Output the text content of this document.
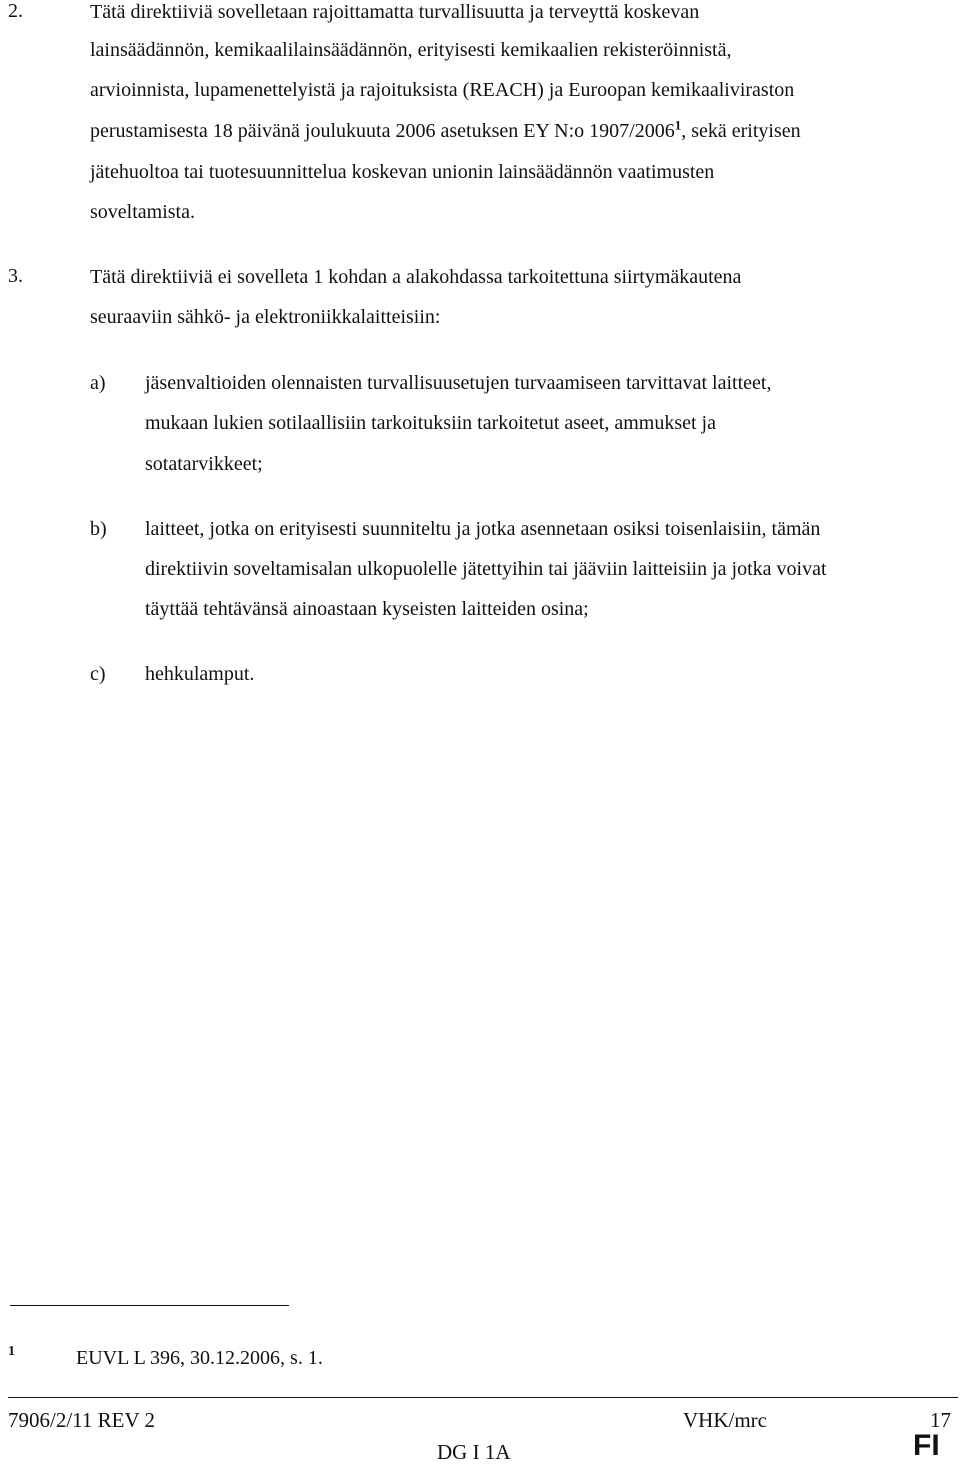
2.	Tätä direktiiviä sovelletaan rajoittamatta turvallisuutta ja terveyttä koskevan
lainsäädännön, kemikaalilainsäädännön, erityisesti kemikaalien rekisteröinnistä,
arvioinnista, lupamenettelyistä ja rajoituksista (REACH) ja Euroopan kemikaaliviraston
perustamisesta 18 päivänä joulukuuta 2006 asetuksen EY N:o 1907/2006$^1$, sekä erityisen
jätehuoltoa tai tuotesuunnittelua koskevan unionin lainsäädännön vaatimusten
soveltamista.
3.	Tätä direktiiviä ei sovelleta 1 kohdan a alakohdassa tarkoitettuna siirtymäkautena
seuraaviin sähkö- ja elektroniikkalaitteisiin:
a) jäsenvaltioiden olennaisten turvallisuusetujen turvaamiseen tarvittavat laitteet,
mukaan lukien sotilaallisiin tarkoituksiin tarkoitetut aseet, ammukset ja
sotatarvikkeet;
b) laitteet, jotka on erityisesti suunniteltu ja jotka asennetaan osiksi toisenlaisiin, tämän
direktiivin soveltamisalan ulkopuolelle jätettyihin tai jääviin laitteisiin ja jotka voivat
täyttää tehtävänsä ainoastaan kyseisten laitteiden osina;
c) hehkulamput.
1	EUVL L 396, 30.12.2006, s. 1.
7906/2/11 REV 2	VHK/mrc	17
DG I 1A	FI
